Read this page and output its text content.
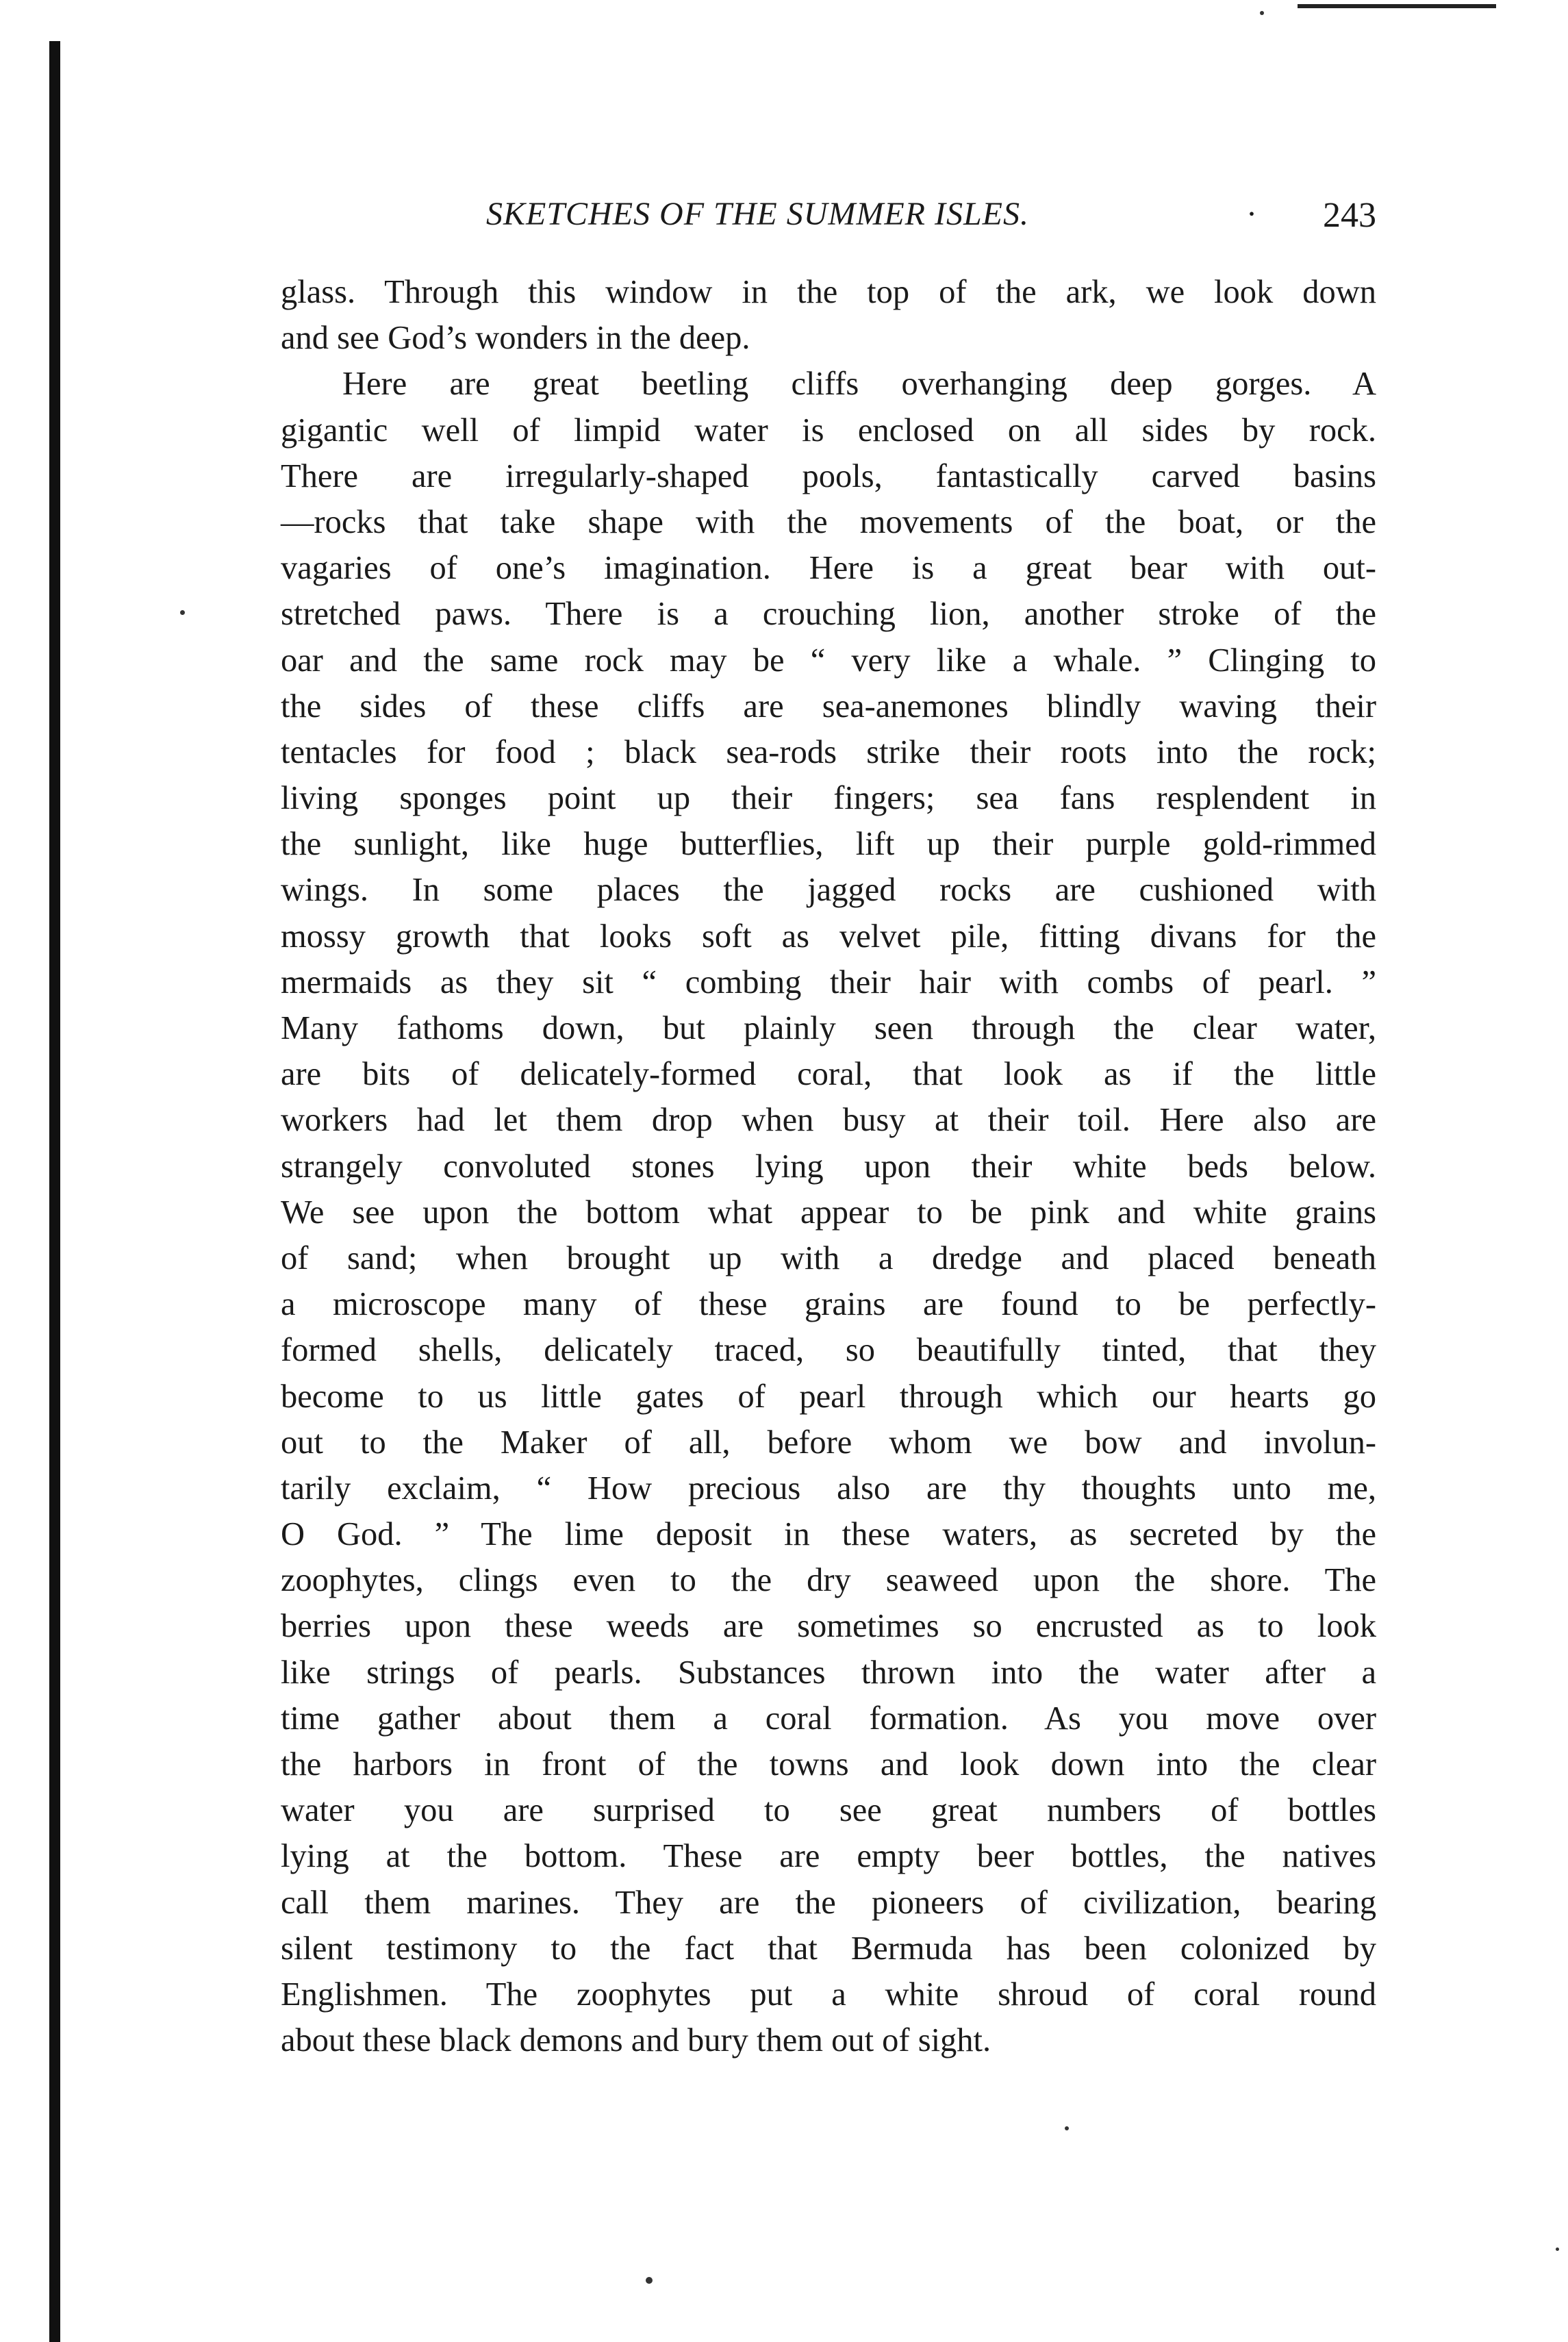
SKETCHES OF THE SUMMER ISLES.	· 243
glass. Through this window in the top of the ark, we look down
and see God’s wonders in the deep.
Here are great beetling cliffs overhanging deep gorges. A
gigantic well of limpid water is enclosed on all sides by rock.
There are irregularly-shaped pools, fantastically carved basins
—rocks that take shape with the movements of the boat, or the
vagaries of one’s imagination. Here is a great bear with out-
stretched paws. There is a crouching lion, another stroke of the
oar and the same rock may be “ very like a whale. ” Clinging to
the sides of these cliffs are sea-anemones blindly waving their
tentacles for food ; black sea-rods strike their roots into the rock;
living sponges point up their fingers; sea fans resplendent in
the sunlight, like huge butterflies, lift up their purple gold-rimmed
wings. In some places the jagged rocks are cushioned with
mossy growth that looks soft as velvet pile, fitting divans for the
mermaids as they sit “ combing their hair with combs of pearl. ”
Many fathoms down, but plainly seen through the clear water,
are bits of delicately-formed coral, that look as if the little
workers had let them drop when busy at their toil. Here also are
strangely convoluted stones lying upon their white beds below.
We see upon the bottom what appear to be pink and white grains
of sand; when brought up with a dredge and placed beneath
a microscope many of these grains are found to be perfectly-
formed shells, delicately traced, so beautifully tinted, that they
become to us little gates of pearl through which our hearts go
out to the Maker of all, before whom we bow and involun-
tarily exclaim, “ How precious also are thy thoughts unto me,
O God. ” The lime deposit in these waters, as secreted by the
zoophytes, clings even to the dry seaweed upon the shore. The
berries upon these weeds are sometimes so encrusted as to look
like strings of pearls. Substances thrown into the water after a
time gather about them a coral formation. As you move over
the harbors in front of the towns and look down into the clear
water you are surprised to see great numbers of bottles
lying at the bottom. These are empty beer bottles, the natives
call them marines. They are the pioneers of civilization, bearing
silent testimony to the fact that Bermuda has been colonized by
Englishmen. The zoophytes put a white shroud of coral round
about these black demons and bury them out of sight.
